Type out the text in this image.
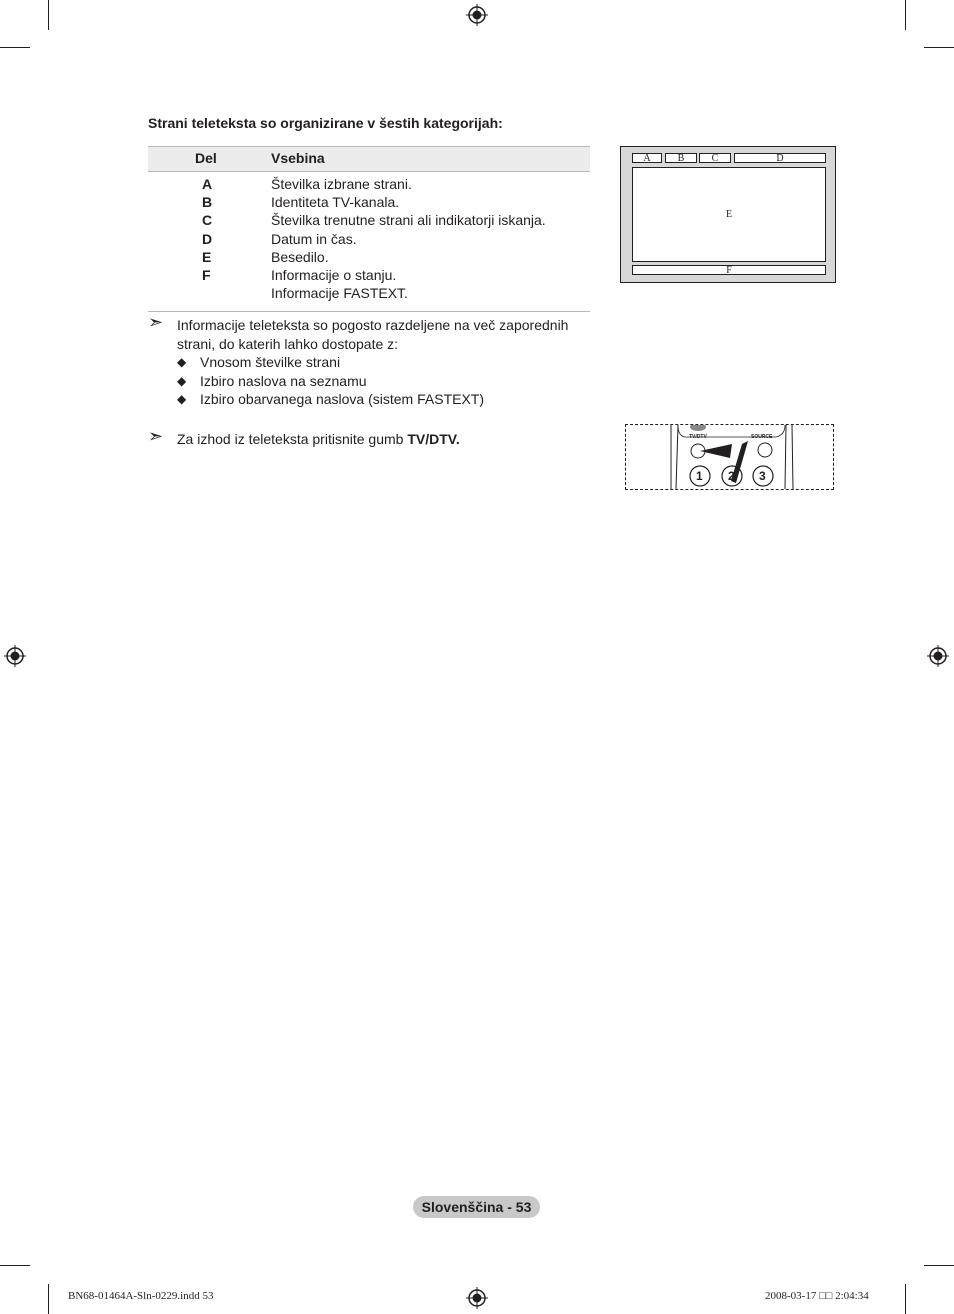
Strani teleteksta so organizirane v šestih kategorijah:
Del	Vsebina
A	Številka izbrane strani.
B	Identiteta TV-kanala.
C	Številka trenutne strani ali indikatorji iskanja.
D	Datum in čas.
E	Besedilo.
F	Informacije o stanju.
Informacije FASTEXT.
➣ Informacije teleteksta so pogosto razdeljene na več zaporednih strani, do katerih lahko dostopate z:
◆ Vnosom številke strani
◆ Izbiro naslova na seznamu
◆ Izbiro obarvanega naslova (sistem FASTEXT)
➣ Za izhod iz teleteksta pritisnite gumb TV/DTV.
A	B	C	D
E
F
TV/DTV	SOURCE
1 2 3
Slovenščina - 53
BN68-01464A-Sln-0229.indd 53	2008-03-17 □□ 2:04:34
